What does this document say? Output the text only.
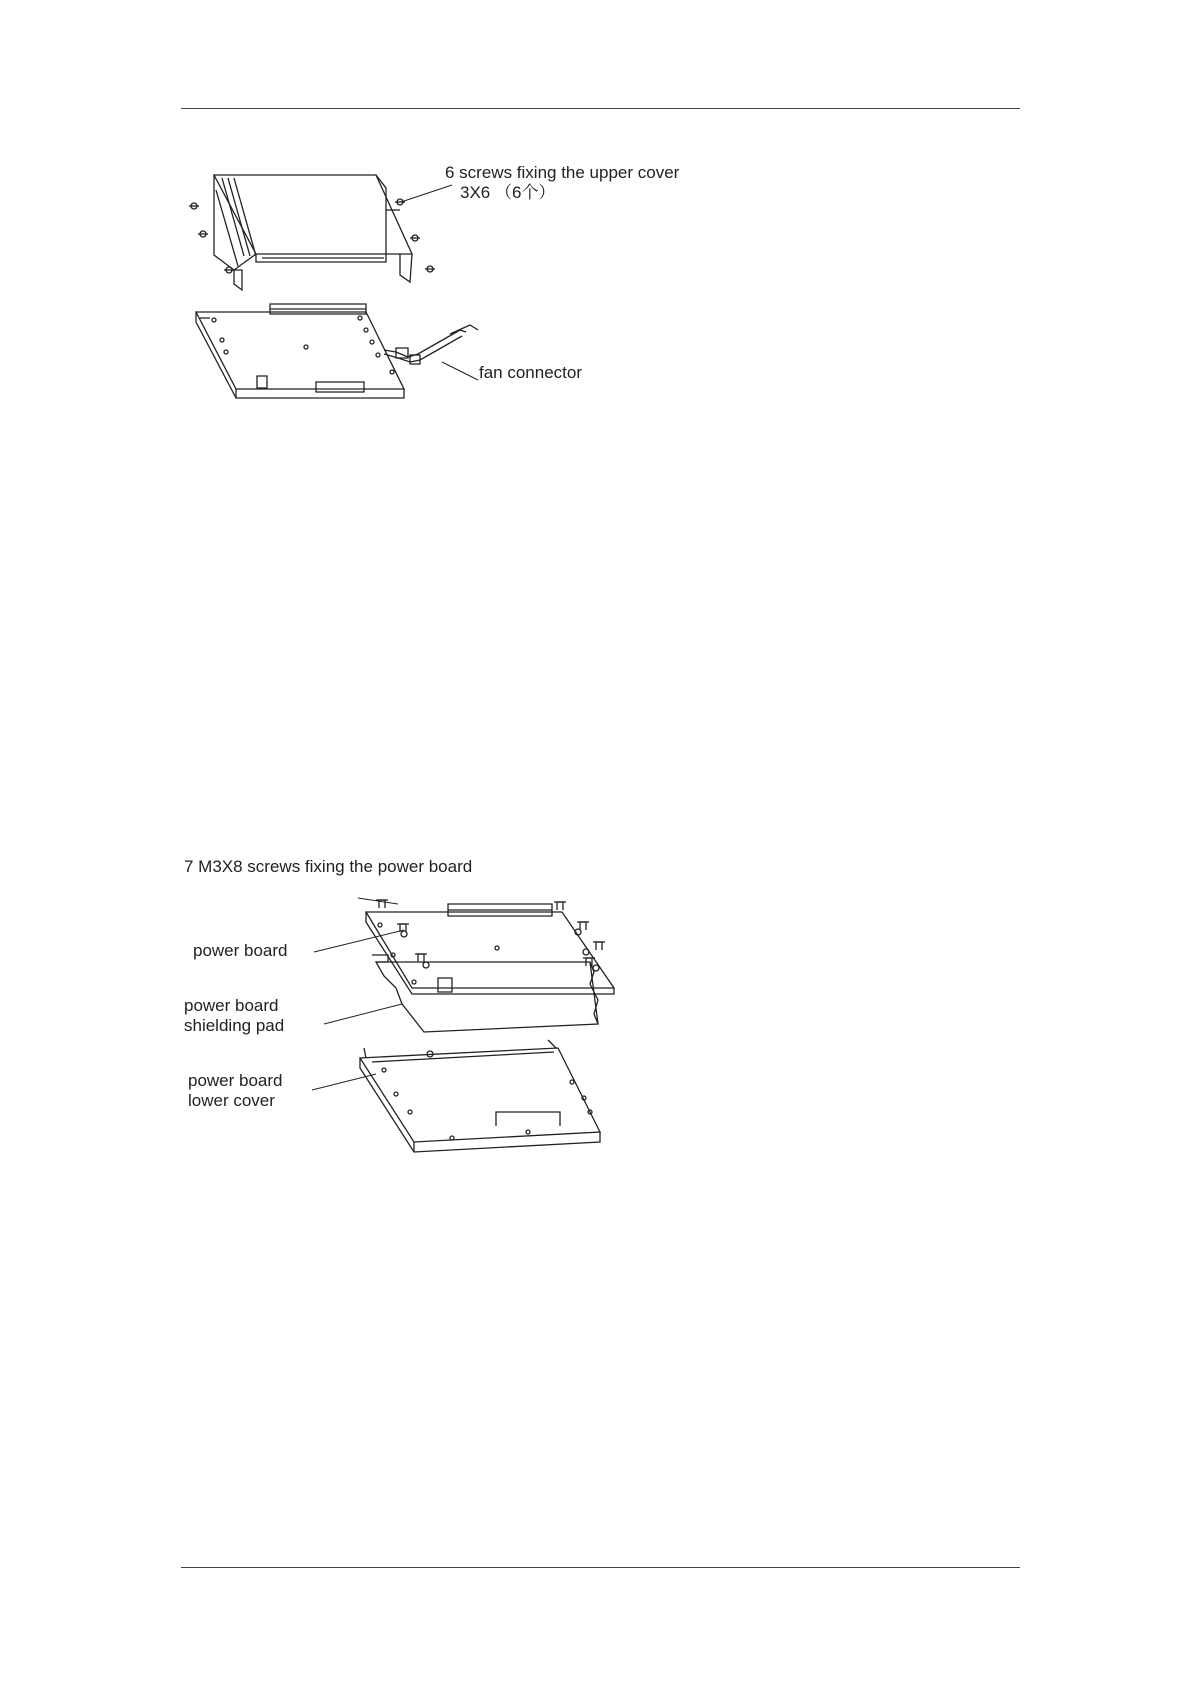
6 screws fixing the upper cover
3X6 （6个）
fan connector
7 M3X8 screws fixing the power board
power board
power board
shielding pad
power board
lower cover
